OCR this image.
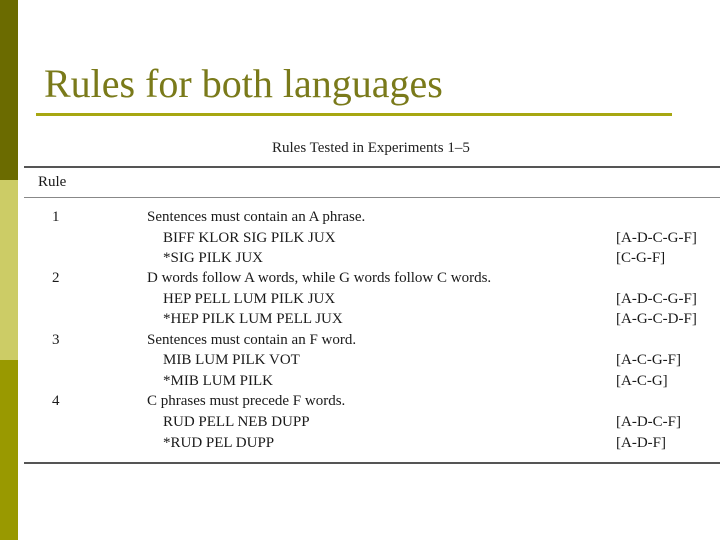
Rules for both languages
Rules Tested in Experiments 1–5
Rule
1	Sentences must contain an A phrase.
BIFF KLOR SIG PILK JUX	[A-D-C-G-F]
*SIG PILK JUX	[C-G-F]
2	D words follow A words, while G words follow C words.
HEP PELL LUM PILK JUX	[A-D-C-G-F]
*HEP PILK LUM PELL JUX	[A-G-C-D-F]
3	Sentences must contain an F word.
MIB LUM PILK VOT	[A-C-G-F]
*MIB LUM PILK	[A-C-G]
4	C phrases must precede F words.
RUD PELL NEB DUPP	[A-D-C-F]
*RUD PEL DUPP	[A-D-F]
